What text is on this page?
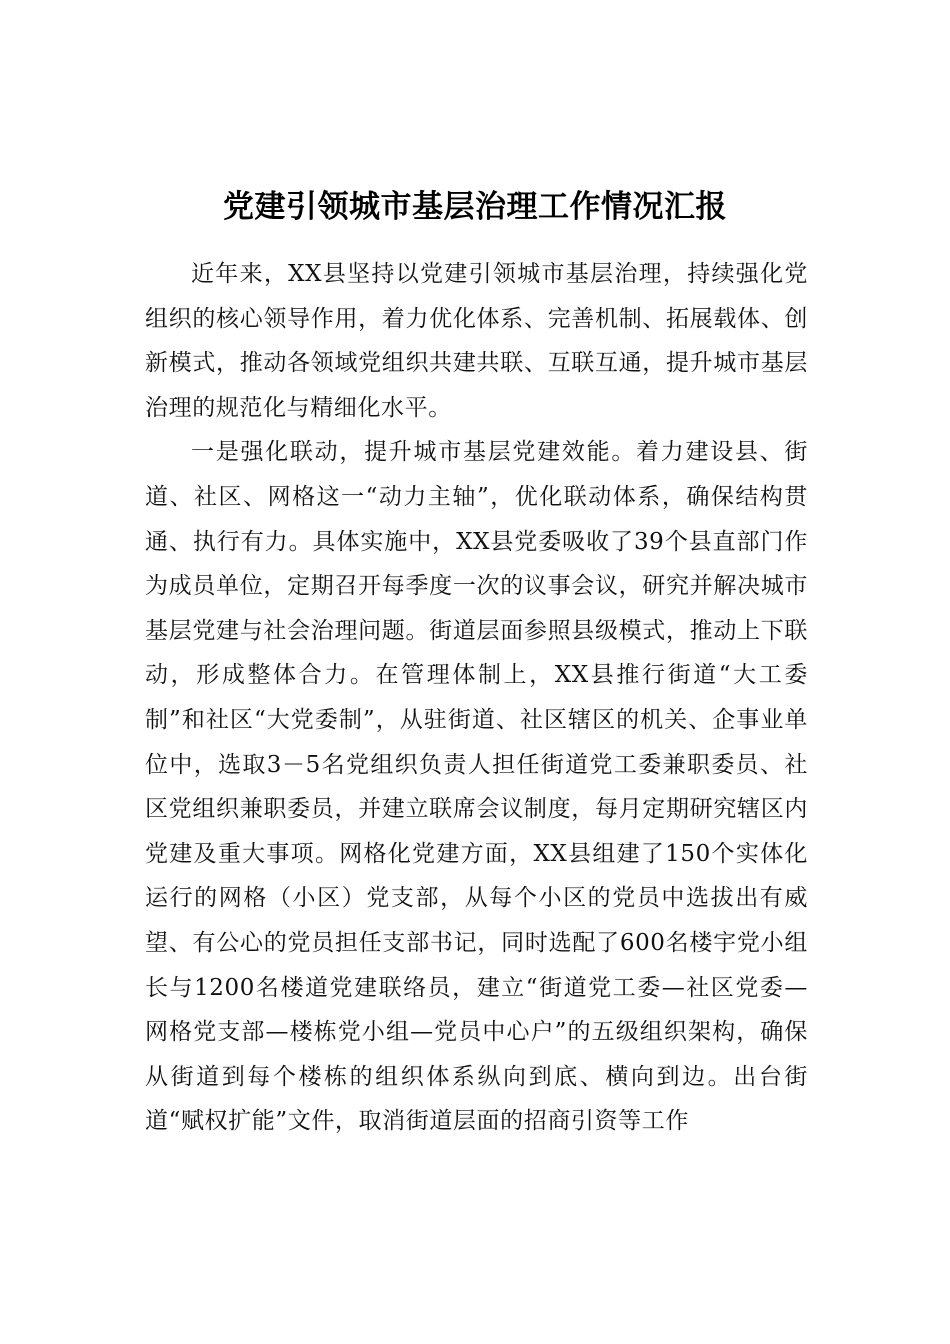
党建引领城市基层治理工作情况汇报

近年来，XX县坚持以党建引领城市基层治理，持续强化党组织的核心领导作用，着力优化体系、完善机制、拓展载体、创新模式，推动各领域党组织共建共联、互联互通，提升城市基层治理的规范化与精细化水平。

一是强化联动，提升城市基层党建效能。着力建设县、街道、社区、网格这一“动力主轴”，优化联动体系，确保结构贯通、执行有力。具体实施中，XX县党委吸收了39个县直部门作为成员单位，定期召开每季度一次的议事会议，研究并解决城市基层党建与社会治理问题。街道层面参照县级模式，推动上下联动，形成整体合力。在管理体制上，XX县推行街道“大工委制”和社区“大党委制”，从驻街道、社区辖区的机关、企事业单位中，选取3－5名党组织负责人担任街道党工委兼职委员、社区党组织兼职委员，并建立联席会议制度，每月定期研究辖区内党建及重大事项。网格化党建方面，XX县组建了150个实体化运行的网格（小区）党支部，从每个小区的党员中选拔出有威望、有公心的党员担任支部书记，同时选配了600名楼宇党小组长与1200名楼道党建联络员，建立“街道党工委—社区党委—网格党支部—楼栋党小组—党员中心户”的五级组织架构，确保从街道到每个楼栋的组织体系纵向到底、横向到边。出台街道“赋权扩能”文件，取消街道层面的招商引资等工作
